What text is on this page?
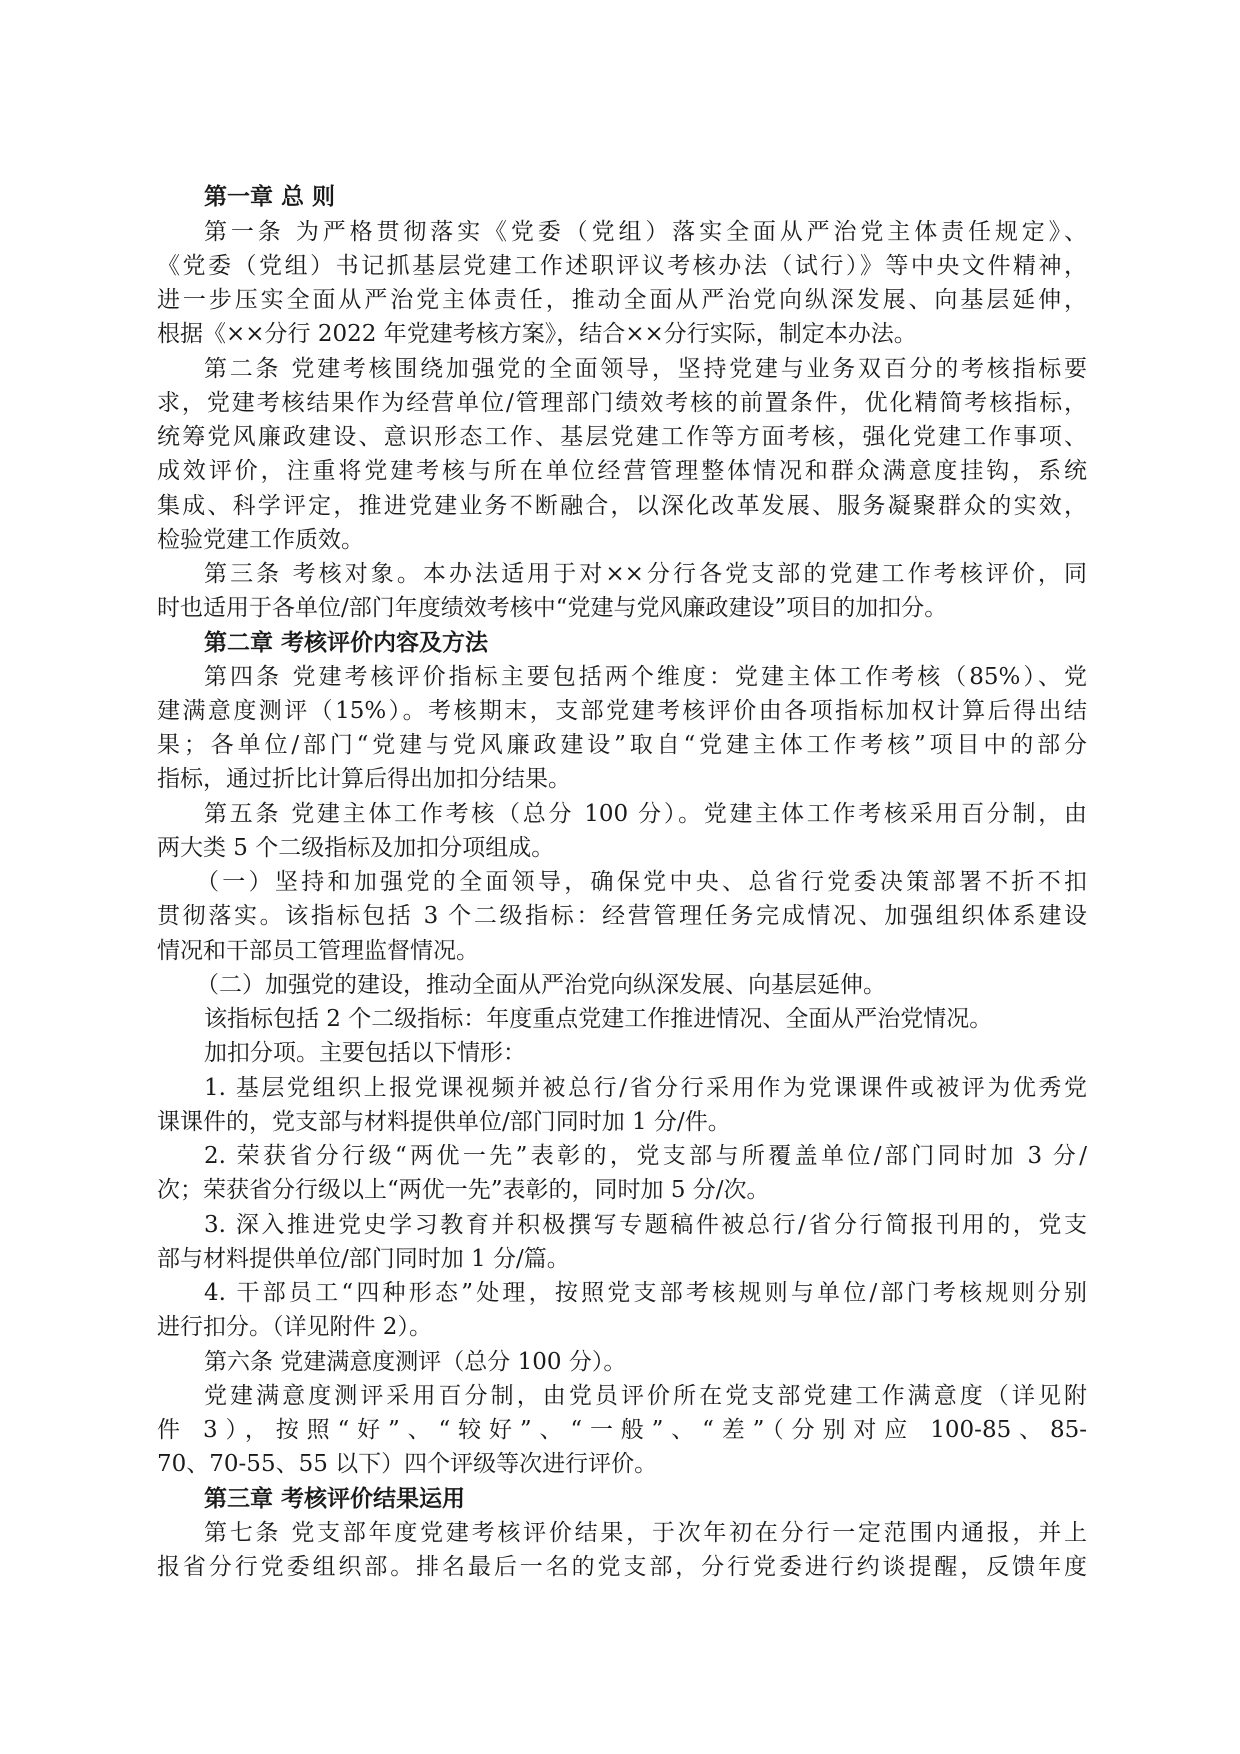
第一章 总 则
第一条 为严格贯彻落实《党委（党组）落实全面从严治党主体责任规定》、
《党委（党组）书记抓基层党建工作述职评议考核办法（试行）》等中央文件精神，
进一步压实全面从严治党主体责任，推动全面从严治党向纵深发展、向基层延伸，
根据《××分行 2022 年党建考核方案》，结合××分行实际，制定本办法。
第二条 党建考核围绕加强党的全面领导，坚持党建与业务双百分的考核指标要
求，党建考核结果作为经营单位/管理部门绩效考核的前置条件，优化精简考核指标，
统筹党风廉政建设、意识形态工作、基层党建工作等方面考核，强化党建工作事项、
成效评价，注重将党建考核与所在单位经营管理整体情况和群众满意度挂钩，系统
集成、科学评定，推进党建业务不断融合，以深化改革发展、服务凝聚群众的实效，
检验党建工作质效。
第三条 考核对象。本办法适用于对××分行各党支部的党建工作考核评价，同
时也适用于各单位/部门年度绩效考核中“党建与党风廉政建设”项目的加扣分。
第二章 考核评价内容及方法
第四条 党建考核评价指标主要包括两个维度：党建主体工作考核（85%）、党
建满意度测评（15%）。考核期末，支部党建考核评价由各项指标加权计算后得出结
果；各单位/部门“党建与党风廉政建设”取自“党建主体工作考核”项目中的部分
指标，通过折比计算后得出加扣分结果。
第五条 党建主体工作考核（总分 100 分）。党建主体工作考核采用百分制，由
两大类 5 个二级指标及加扣分项组成。
（一）坚持和加强党的全面领导，确保党中央、总省行党委决策部署不折不扣
贯彻落实。该指标包括 3 个二级指标：经营管理任务完成情况、加强组织体系建设
情况和干部员工管理监督情况。
（二）加强党的建设，推动全面从严治党向纵深发展、向基层延伸。
该指标包括 2 个二级指标：年度重点党建工作推进情况、全面从严治党情况。
加扣分项。主要包括以下情形：
1. 基层党组织上报党课视频并被总行/省分行采用作为党课课件或被评为优秀党
课课件的，党支部与材料提供单位/部门同时加 1 分/件。
2. 荣获省分行级“两优一先”表彰的，党支部与所覆盖单位/部门同时加 3 分/
次；荣获省分行级以上“两优一先”表彰的，同时加 5 分/次。
3. 深入推进党史学习教育并积极撰写专题稿件被总行/省分行简报刊用的，党支
部与材料提供单位/部门同时加 1 分/篇。
4. 干部员工“四种形态”处理，按照党支部考核规则与单位/部门考核规则分别
进行扣分。（详见附件 2）。
第六条 党建满意度测评（总分 100 分）。
党建满意度测评采用百分制，由党员评价所在党支部党建工作满意度（详见附
件 3），按照“好”、“较好”、“一般”、“差”（分别对应 100-85、85-
70、70-55、55 以下）四个评级等次进行评价。
第三章 考核评价结果运用
第七条 党支部年度党建考核评价结果，于次年初在分行一定范围内通报，并上
报省分行党委组织部。排名最后一名的党支部，分行党委进行约谈提醒，反馈年度
